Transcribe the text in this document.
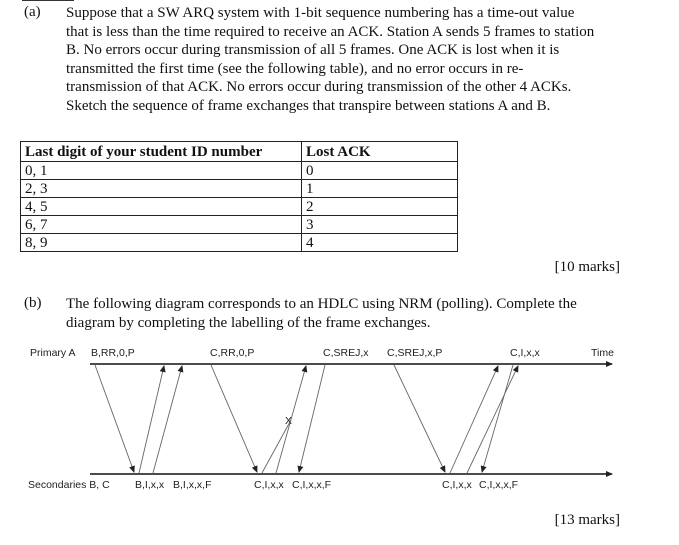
(a) Suppose that a SW ARQ system with 1-bit sequence numbering has a time-out value
that is less than the time required to receive an ACK. Station A sends 5 frames to station
B. No errors occur during transmission of all 5 frames. One ACK is lost when it is
transmitted the first time (see the following table), and no error occurs in re-
transmission of that ACK. No errors occur during transmission of the other 4 ACKs.
Sketch the sequence of frame exchanges that transpire between stations A and B.
Last digit of your student ID number	Lost ACK
0, 1	0
2, 3	1
4, 5	2
6, 7	3
8, 9	4
[10 marks]
(b) The following diagram corresponds to an HDLC using NRM (polling). Complete the
diagram by completing the labelling of the frame exchanges.
Primary A	Time
B,RR,0,P	C,RR,0,P	C,SREJ,x C,SREJ,x,P	C,I,x,x
X
Secondaries B, C B,I,x,x B,I,x,x,F	C,I,x,x C,I,x,x,F	C,I,x,x C,I,x,x,F
[13 marks]
